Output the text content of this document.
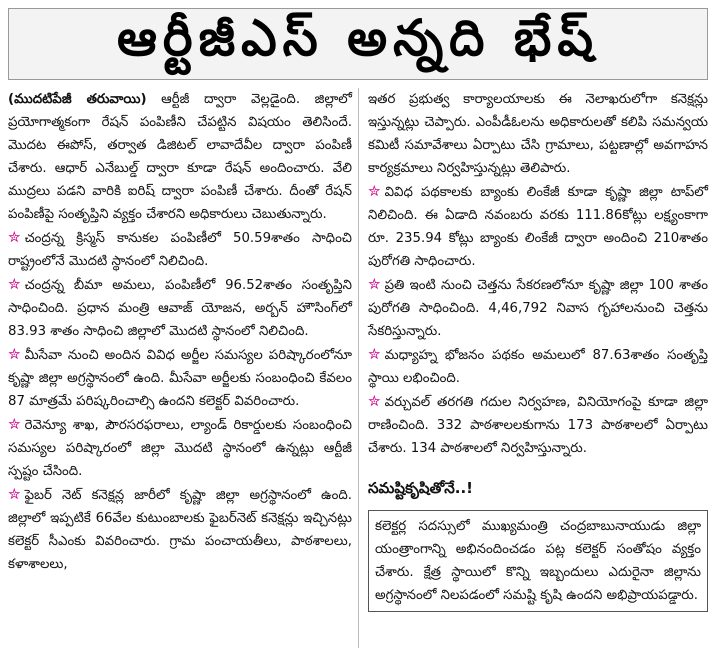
ఆర్టీజీఎస్ అన్నది భేష్

(ముదటిపేజీ తరువాయి) ఆర్టీజీ ద్వారా వెల్లడైంది. జిల్లాలో ప్రయోగాత్మకంగా రేషన్ పంపిణీని చేపట్టిన విషయం తెలిసిందే. మొదట ఈపోస్, తర్వాత డిజిటల్ లావాదేవీల ద్వారా పంపిణీ చేశారు. ఆధార్ ఎనేబుల్డ్ ద్వారా కూడా రేషన్ అందించారు. వేలి ముద్రలు పడని వారికి ఐరిష్ ద్వారా పంపిణీ చేశారు. దీంతో రేషన్ పంపిణీపై సంతృప్తిని వ్యక్తం చేశారని అధికారులు చెబుతున్నారు.

✮ చంద్రన్న క్రిస్మస్ కానుకల పంపిణీలో 50.59శాతం సాధించి రాష్ట్రంలోనే మొదటి స్థానంలో నిలిచింది.

✮ చంద్రన్న బీమా అమలు, పంపిణీలో 96.52శాతం సంతృప్తిని సాధించింది. ప్రధాన మంత్రి ఆవాజ్ యోజన, అర్బన్ హౌసింగ్‌లో 83.93 శాతం సాధించి జిల్లాలో మొదటి స్థానంలో నిలిచింది.

✮ మీసేవా నుంచి అందిన వివిధ అర్జీల సమస్యల పరిష్కారంలోనూ కృష్ణా జిల్లా అగ్రస్థానంలో ఉంది. మీసేవా అర్జీలకు సంబంధించి కేవలం 87 మాత్రమే పరిష్కరించాల్సి ఉందని కలెక్టర్ వివరించారు.

✮ రెవెన్యూ శాఖ, పౌరసరఫరాలు, ల్యాండ్ రికార్డులకు సంబంధించి సమస్యల పరిష్కారంలో జిల్లా మొదటి స్థానంలో ఉన్నట్లు ఆర్టీజీ స్పష్టం చేసింది.

✮ ఫైబర్ నెట్ కనెక్షన్ల జారీలో కృష్ణా జిల్లా అగ్రస్థానంలో ఉంది. జిల్లాలో ఇప్పటికే 66వేల కుటుంబాలకు ఫైబర్‌నెట్ కనెక్షన్లు ఇచ్చినట్లు కలెక్టర్ సీఎంకు వివరించారు. గ్రామ పంచాయతీలు, పాఠశాలలు, కళాశాలలు,

ఇతర ప్రభుత్వ కార్యాలయాలకు ఈ నెలాఖరులోగా కనెక్షన్లు ఇస్తున్నట్లు చెప్పారు. ఎంపీడీఓలను అధికారులతో కలిపి సమన్వయ కమిటీ సమావేశాలు ఏర్పాటు చేసి గ్రామాలు, పట్టణాల్లో అవగాహన కార్యక్రమాలు నిర్వహిస్తున్నట్లు తెలిపారు.

✮ వివిధ పథకాలకు బ్యాంకు లింకేజీ కూడా కృష్ణా జిల్లా టాప్‌లో నిలిచింది. ఈ ఏడాది నవంబరు వరకు 111.86కోట్లు లక్ష్యంకాగా రూ. 235.94 కోట్లు బ్యాంకు లింకేజీ ద్వారా అందించి 210శాతం పురోగతి సాధించారు.

✮ ప్రతి ఇంటి నుంచి చెత్తను సేకరణలోనూ కృష్ణా జిల్లా 100 శాతం పురోగతి సాధించింది. 4,46,792 నివాస గృహాలనుంచి చెత్తను సేకరిస్తున్నారు.

✮ మధ్యాహ్న భోజనం పథకం అమలులో 87.63శాతం సంతృప్తి స్థాయి లభించింది.

✮ వర్చువల్ తరగతి గదుల నిర్వహణ, వినియోగంపై కూడా జిల్లా రాణించింది. 332 పాఠశాలలకుగాను 173 పాఠశాలలో ఏర్పాటు చేశారు. 134 పాఠశాలలో నిర్వహిస్తున్నారు.

సమష్టికృషితోనే..!

కలెక్టర్ల సదస్సులో ముఖ్యమంత్రి చంద్రబాబునాయుడు జిల్లా యంత్రాంగాన్ని అభినందించడం పట్ల కలెక్టర్ సంతోషం వ్యక్తం చేశారు. క్షేత్ర స్థాయిలో కొన్ని ఇబ్బందులు ఎదురైనా జిల్లాను అగ్రస్థానంలో నిలపడంలో సమష్టి కృషి ఉందని అభిప్రాయపడ్డారు.
